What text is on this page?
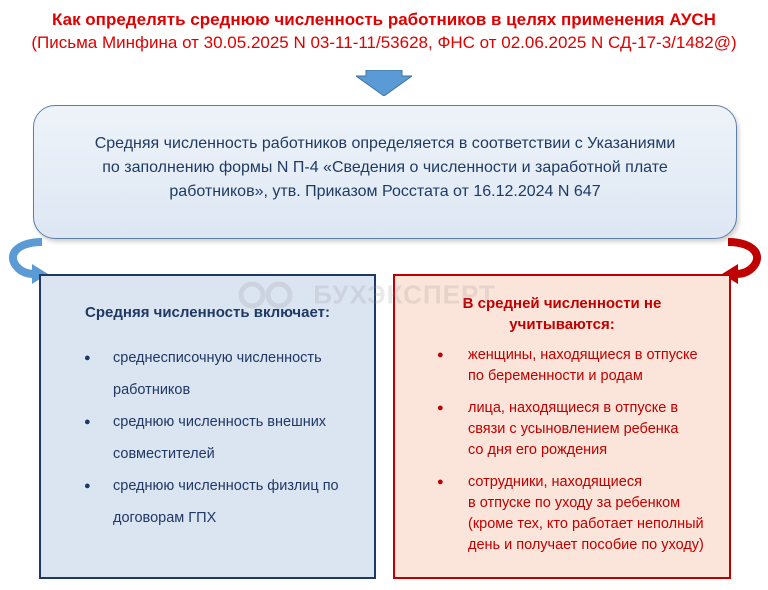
Как определять среднюю численность работников в целях применения АУСН
(Письма Минфина от 30.05.2025 N 03-11-11/53628, ФНС от 02.06.2025 N СД-17-3/1482@)
Средняя численность работников определяется в соответствии с Указаниями
по заполнению формы N П-4 «Сведения о численности и заработной плате
работников», утв. Приказом Росстата от 16.12.2024 N 647
Средняя численность включает:
● среднесписочную численность
работников
● среднюю численность внешних
совместителей
● среднюю численность физлиц по
договорам ГПХ
В средней численности не
учитываются:
● женщины, находящиеся в отпуске
по беременности и родам
● лица, находящиеся в отпуске в
связи с усыновлением ребенка
со дня его рождения
● сотрудники, находящиеся
в отпуске по уходу за ребенком
(кроме тех, кто работает неполный
день и получает пособие по уходу)
БУХЭКСПЕРТ
